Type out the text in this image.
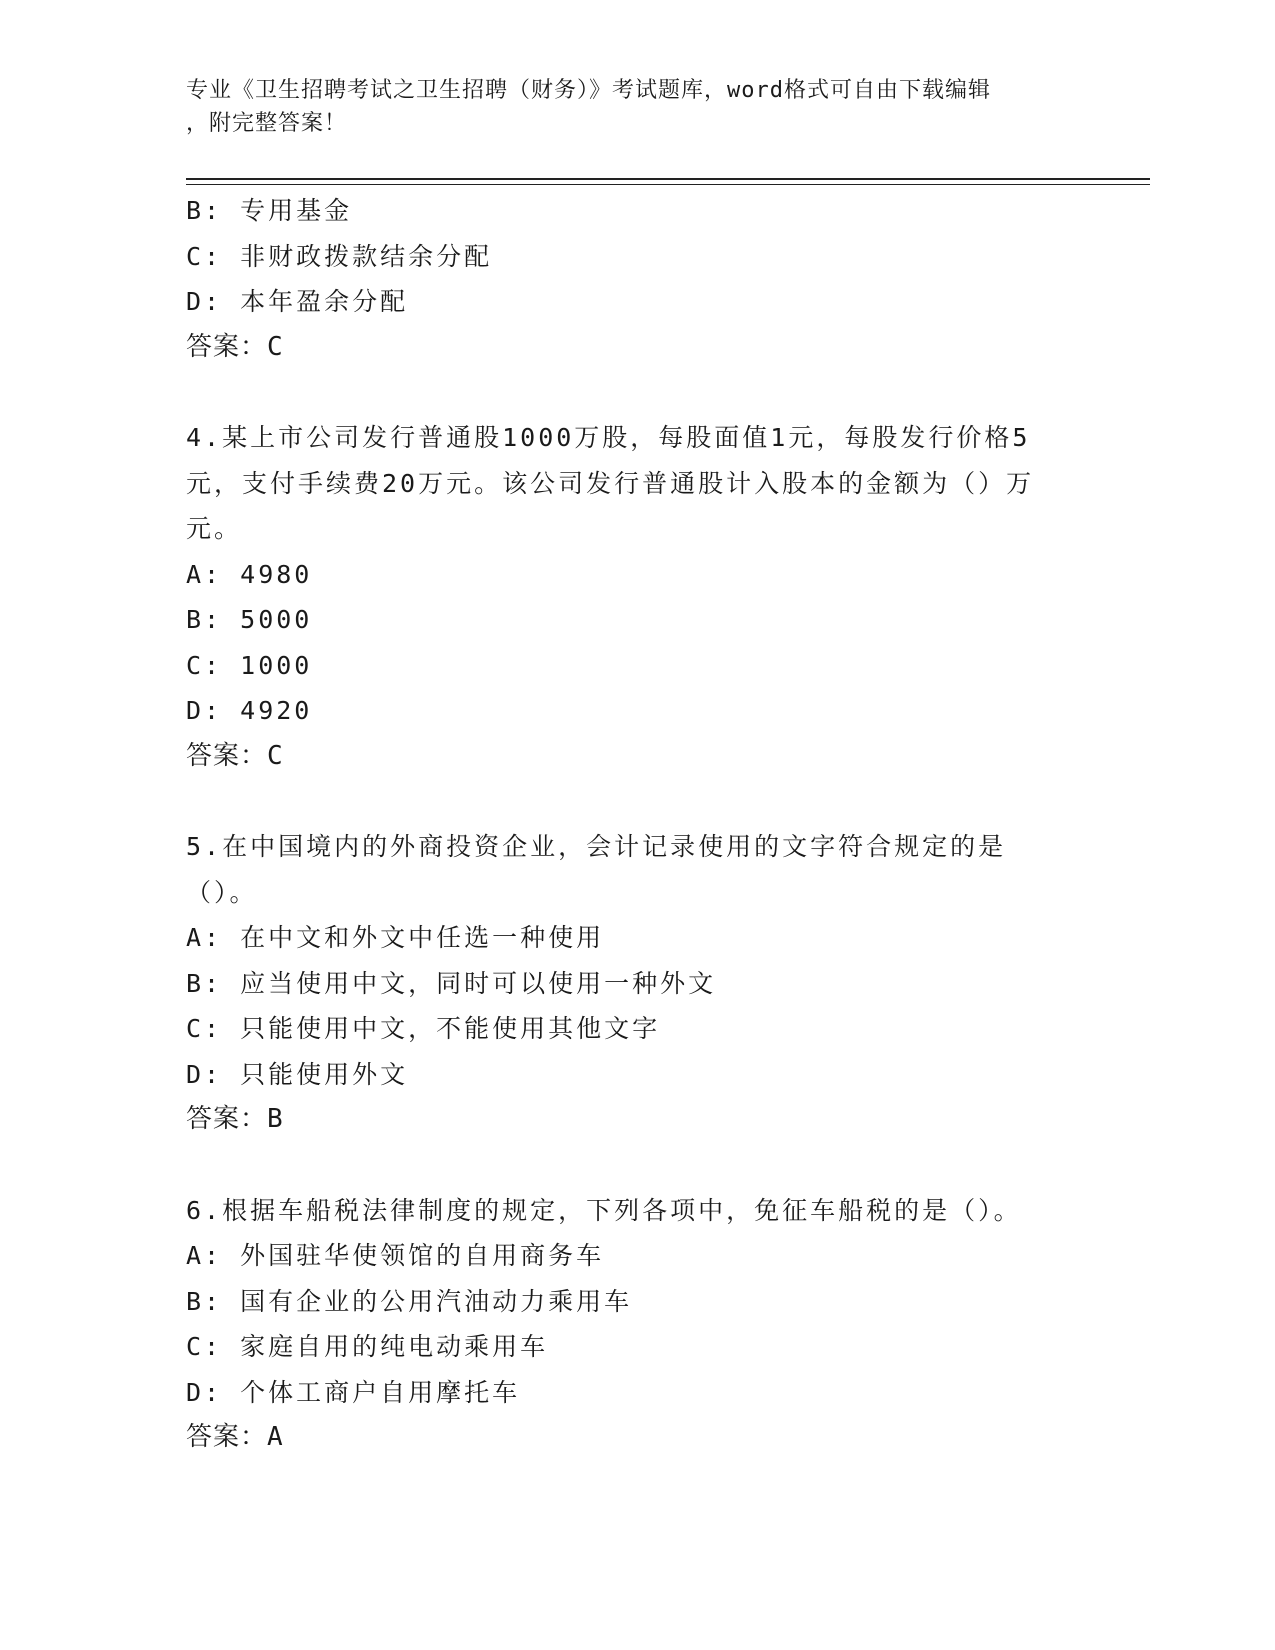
专业《卫生招聘考试之卫生招聘（财务）》考试题库，word格式可自由下载编辑
，附完整答案！
B: 专用基金
C: 非财政拨款结余分配
D: 本年盈余分配
答案：C
4.某上市公司发行普通股1000万股，每股面值1元，每股发行价格5元，支付手续费20万元。该公司发行普通股计入股本的金额为（）万元。
A: 4980
B: 5000
C: 1000
D: 4920
答案：C
5.在中国境内的外商投资企业，会计记录使用的文字符合规定的是（）。
A: 在中文和外文中任选一种使用
B: 应当使用中文，同时可以使用一种外文
C: 只能使用中文，不能使用其他文字
D: 只能使用外文
答案：B
6.根据车船税法律制度的规定，下列各项中，免征车船税的是（）。
A: 外国驻华使领馆的自用商务车
B: 国有企业的公用汽油动力乘用车
C: 家庭自用的纯电动乘用车
D: 个体工商户自用摩托车
答案：A
